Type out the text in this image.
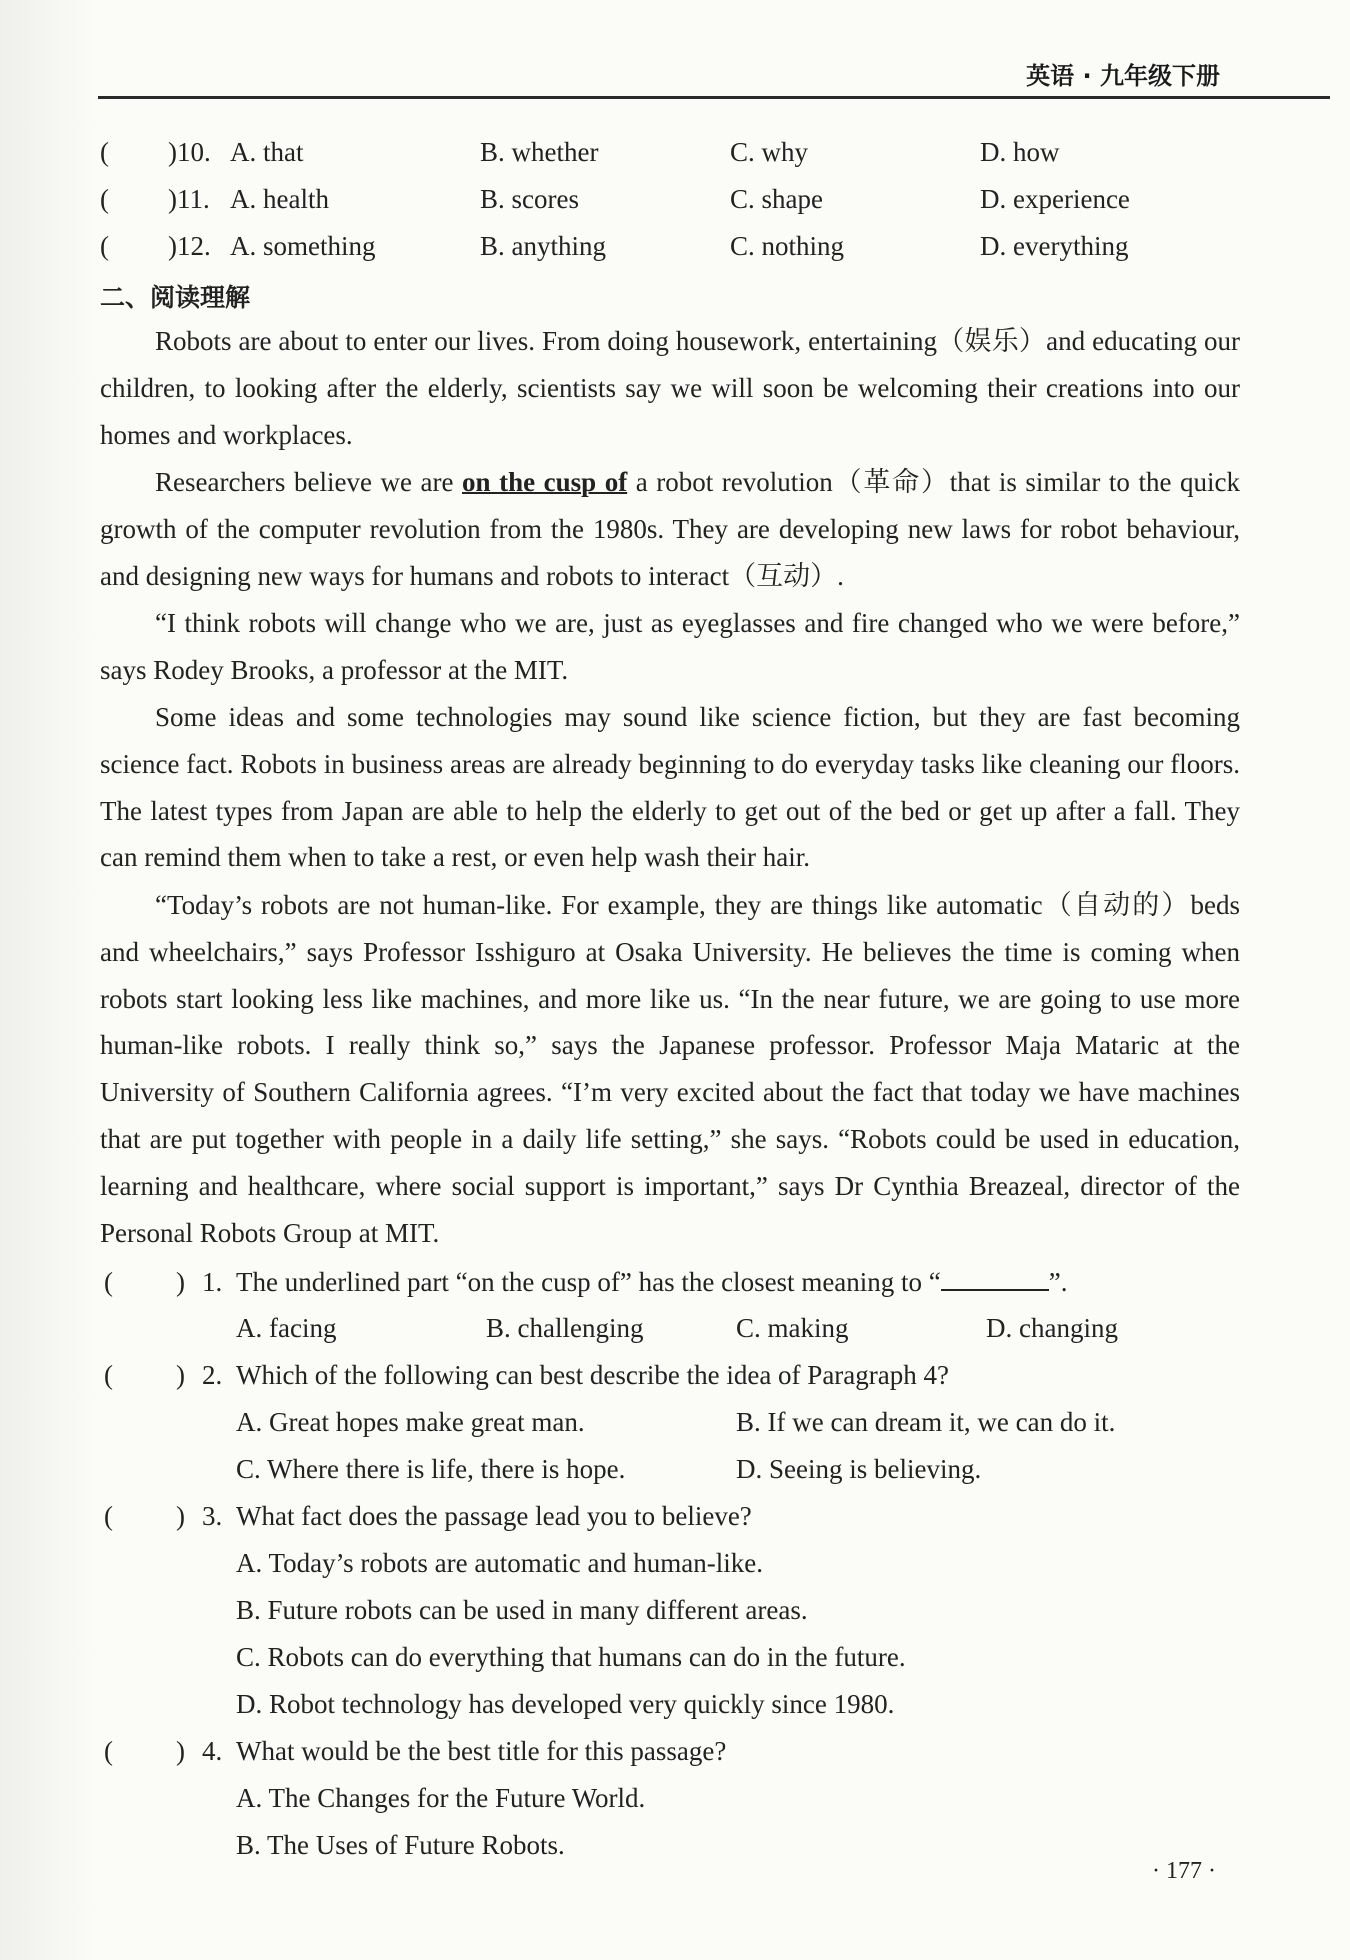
英语 · 九年级下册
( )10. A. that	B. whether	C. why	D. how
( )11. A. health	B. scores	C. shape	D. experience
( )12. A. something	B. anything	C. nothing	D. everything
二、阅读理解

Robots are about to enter our lives. From doing housework, entertaining（娱乐）and educating our children, to looking after the elderly, scientists say we will soon be welcoming their creations into our homes and workplaces.

Researchers believe we are on the cusp of a robot revolution（革命）that is similar to the quick growth of the computer revolution from the 1980s. They are developing new laws for robot behaviour, and designing new ways for humans and robots to interact（互动）.

“I think robots will change who we are, just as eyeglasses and fire changed who we were before,” says Rodey Brooks, a professor at the MIT.

Some ideas and some technologies may sound like science fiction, but they are fast becoming science fact. Robots in business areas are already beginning to do everyday tasks like cleaning our floors. The latest types from Japan are able to help the elderly to get out of the bed or get up after a fall. They can remind them when to take a rest, or even help wash their hair.

“Today’s robots are not human-like. For example, they are things like automatic（自动的）beds and wheelchairs,” says Professor Isshiguro at Osaka University. He believes the time is coming when robots start looking less like machines, and more like us. “In the near future, we are going to use more human-like robots. I really think so,” says the Japanese professor. Professor Maja Mataric at the University of Southern California agrees. “I’m very excited about the fact that today we have machines that are put together with people in a daily life setting,” she says. “Robots could be used in education, learning and healthcare, where social support is important,” says Dr Cynthia Breazeal, director of the Personal Robots Group at MIT.

( ) 1. The underlined part “on the cusp of” has the closest meaning to “	”.
A. facing	B. challenging	C. making	D. changing
( ) 2. Which of the following can best describe the idea of Paragraph 4?
A. Great hopes make great man.	B. If we can dream it, we can do it.
C. Where there is life, there is hope.	D. Seeing is believing.
( ) 3. What fact does the passage lead you to believe?
A. Today’s robots are automatic and human-like.
B. Future robots can be used in many different areas.
C. Robots can do everything that humans can do in the future.
D. Robot technology has developed very quickly since 1980.
( ) 4. What would be the best title for this passage?
A. The Changes for the Future World.
B. The Uses of Future Robots.
· 177 ·
